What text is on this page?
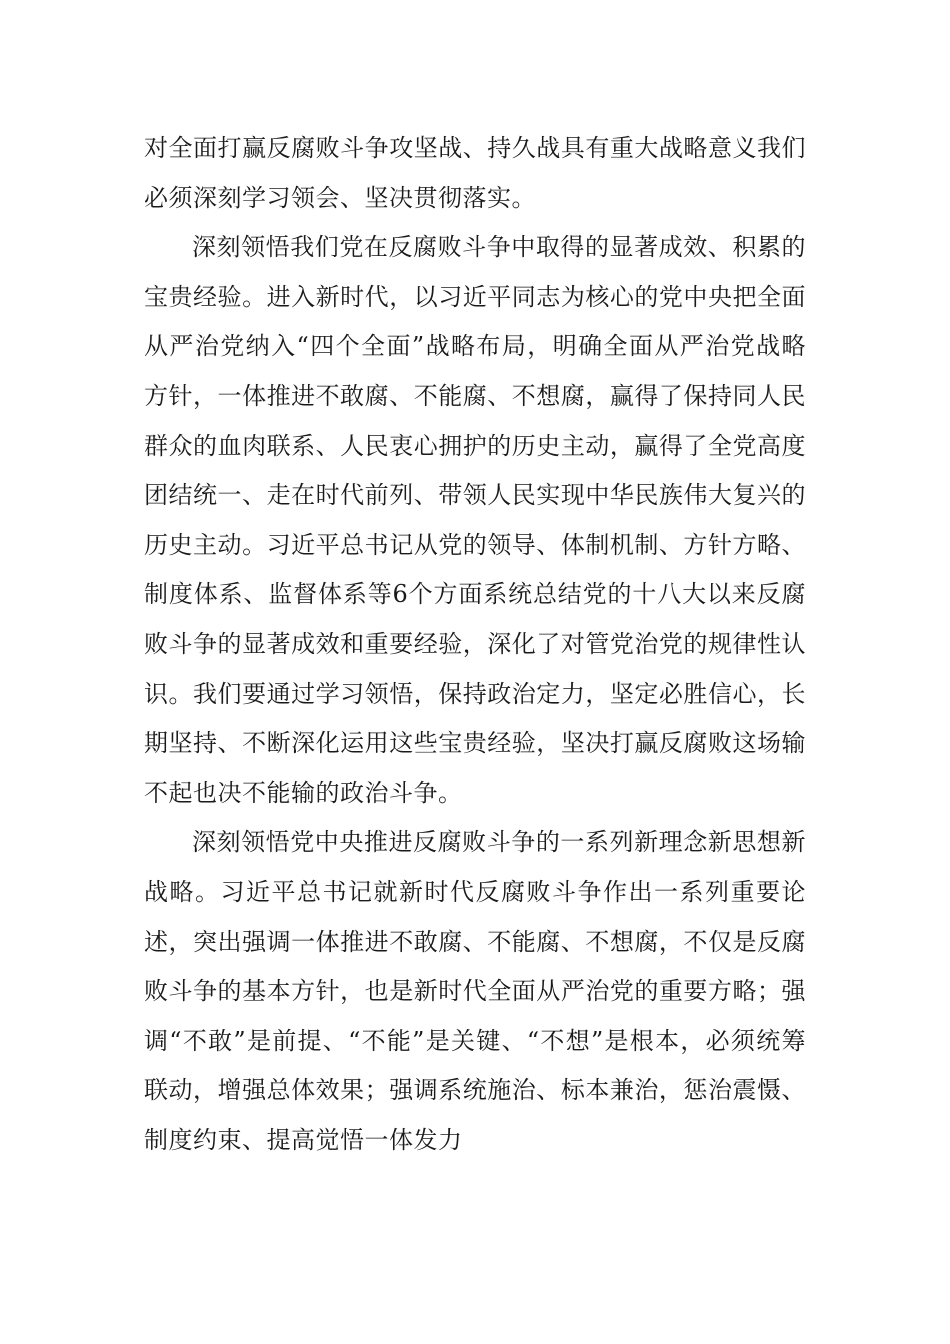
对全面打赢反腐败斗争攻坚战、持久战具有重大战略意义我们必须深刻学习领会、坚决贯彻落实。

深刻领悟我们党在反腐败斗争中取得的显著成效、积累的宝贵经验。进入新时代，以习近平同志为核心的党中央把全面从严治党纳入“四个全面”战略布局，明确全面从严治党战略方针，一体推进不敢腐、不能腐、不想腐，赢得了保持同人民群众的血肉联系、人民衷心拥护的历史主动，赢得了全党高度团结统一、走在时代前列、带领人民实现中华民族伟大复兴的历史主动。习近平总书记从党的领导、体制机制、方针方略、制度体系、监督体系等6个方面系统总结党的十八大以来反腐败斗争的显著成效和重要经验，深化了对管党治党的规律性认识。我们要通过学习领悟，保持政治定力，坚定必胜信心，长期坚持、不断深化运用这些宝贵经验，坚决打赢反腐败这场输不起也决不能输的政治斗争。

深刻领悟党中央推进反腐败斗争的一系列新理念新思想新战略。习近平总书记就新时代反腐败斗争作出一系列重要论述，突出强调一体推进不敢腐、不能腐、不想腐，不仅是反腐败斗争的基本方针，也是新时代全面从严治党的重要方略；强调“不敢”是前提、“不能”是关键、“不想”是根本，必须统筹联动，增强总体效果；强调系统施治、标本兼治，惩治震慑、制度约束、提高觉悟一体发力
